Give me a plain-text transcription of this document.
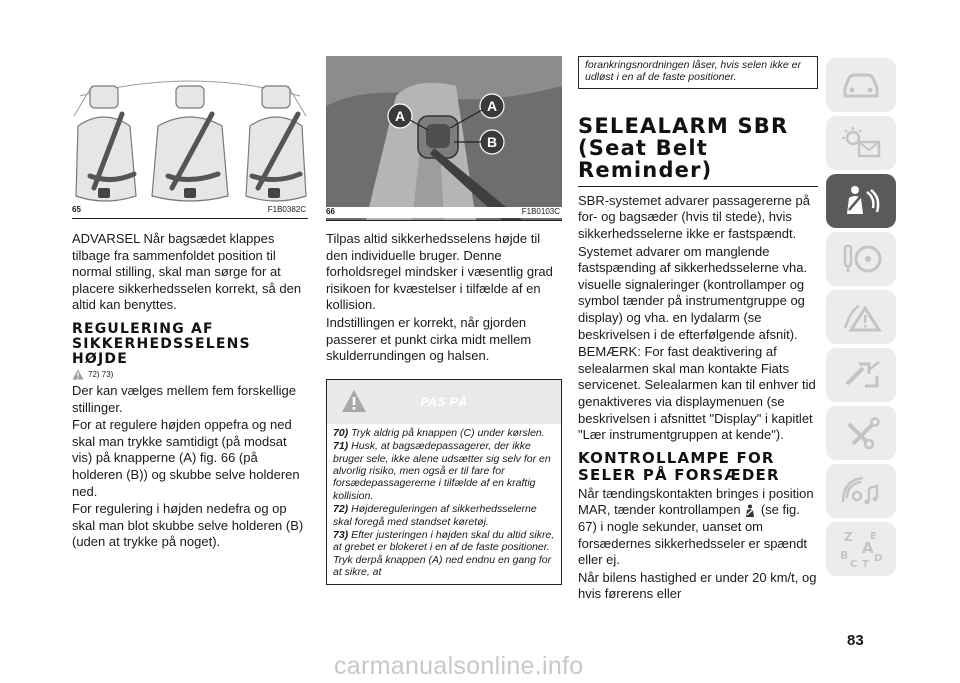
65	F1B0382C

ADVARSEL Når bagsædet klappes tilbage fra sammenfoldet position til normal stilling, skal man sørge for at placere sikkerhedsselen korrekt, så den altid kan benyttes.

REGULERING AF SIKKERHEDSSELENS HØJDE
72) 73)

Der kan vælges mellem fem forskellige stillinger.

For at regulere højden oppefra og ned skal man trykke samtidigt (på modsat vis) på knapperne (A) fig. 66 (på holderen (B)) og skubbe selve holderen ned.

For regulering i højden nedefra og op skal man blot skubbe selve holderen (B) (uden at trykke på noget).

A
A
B
66	F1B0103C

Tilpas altid sikkerhedsselens højde til den individuelle bruger. Denne forholdsregel mindsker i væsentlig grad risikoen for kvæstelser i tilfælde af en kollision.

Indstillingen er korrekt, når gjorden passerer et punkt cirka midt mellem skulderrundingen og halsen.

PAS PÅ
70) Tryk aldrig på knappen (C) under kørslen.
71) Husk, at bagsædepassagerer, der ikke bruger sele, ikke alene udsætter sig selv for en alvorlig risiko, men også er til fare for forsædepassagererne i tilfælde af en kraftig kollision.
72) Højdereguleringen af sikkerhedsselerne skal foregå med standset køretøj.
73) Efter justeringen i højden skal du altid sikre, at grebet er blokeret i en af de faste positioner. Tryk derpå knappen (A) ned endnu en gang for at sikre, at
forankringsnordningen låser, hvis selen ikke er udløst i en af de faste positioner.
SELEALARM SBR (Seat Belt Reminder)

SBR-systemet advarer passagererne på for- og bagsæder (hvis til stede), hvis sikkerhedsselerne ikke er fastspændt.

Systemet advarer om manglende fastspænding af sikkerhedsselerne vha. visuelle signaleringer (kontrollamper og symbol tænder på instrumentgruppe og display) og vha. en lydalarm (se beskrivelsen i de efterfølgende afsnit).

BEMÆRK: For fast deaktivering af selealarmen skal man kontakte Fiats servicenet. Selealarmen kan til enhver tid genaktiveres via displaymenuen (se beskrivelsen i afsnittet "Display" i kapitlet "Lær instrumentgruppen at kende").

KONTROLLAMPE FOR SELER PÅ FORSÆDER

Når tændingskontakten bringes i position MAR, tænder kontrollampen (se fig. 67) i nogle sekunder, uanset om forsædernes sikkerhedsseler er spændt eller ej.

Når bilens hastighed er under 20 km/t, og hvis førerens eller

Z E
A
B	D
C T
83
carmanualsonline.info
